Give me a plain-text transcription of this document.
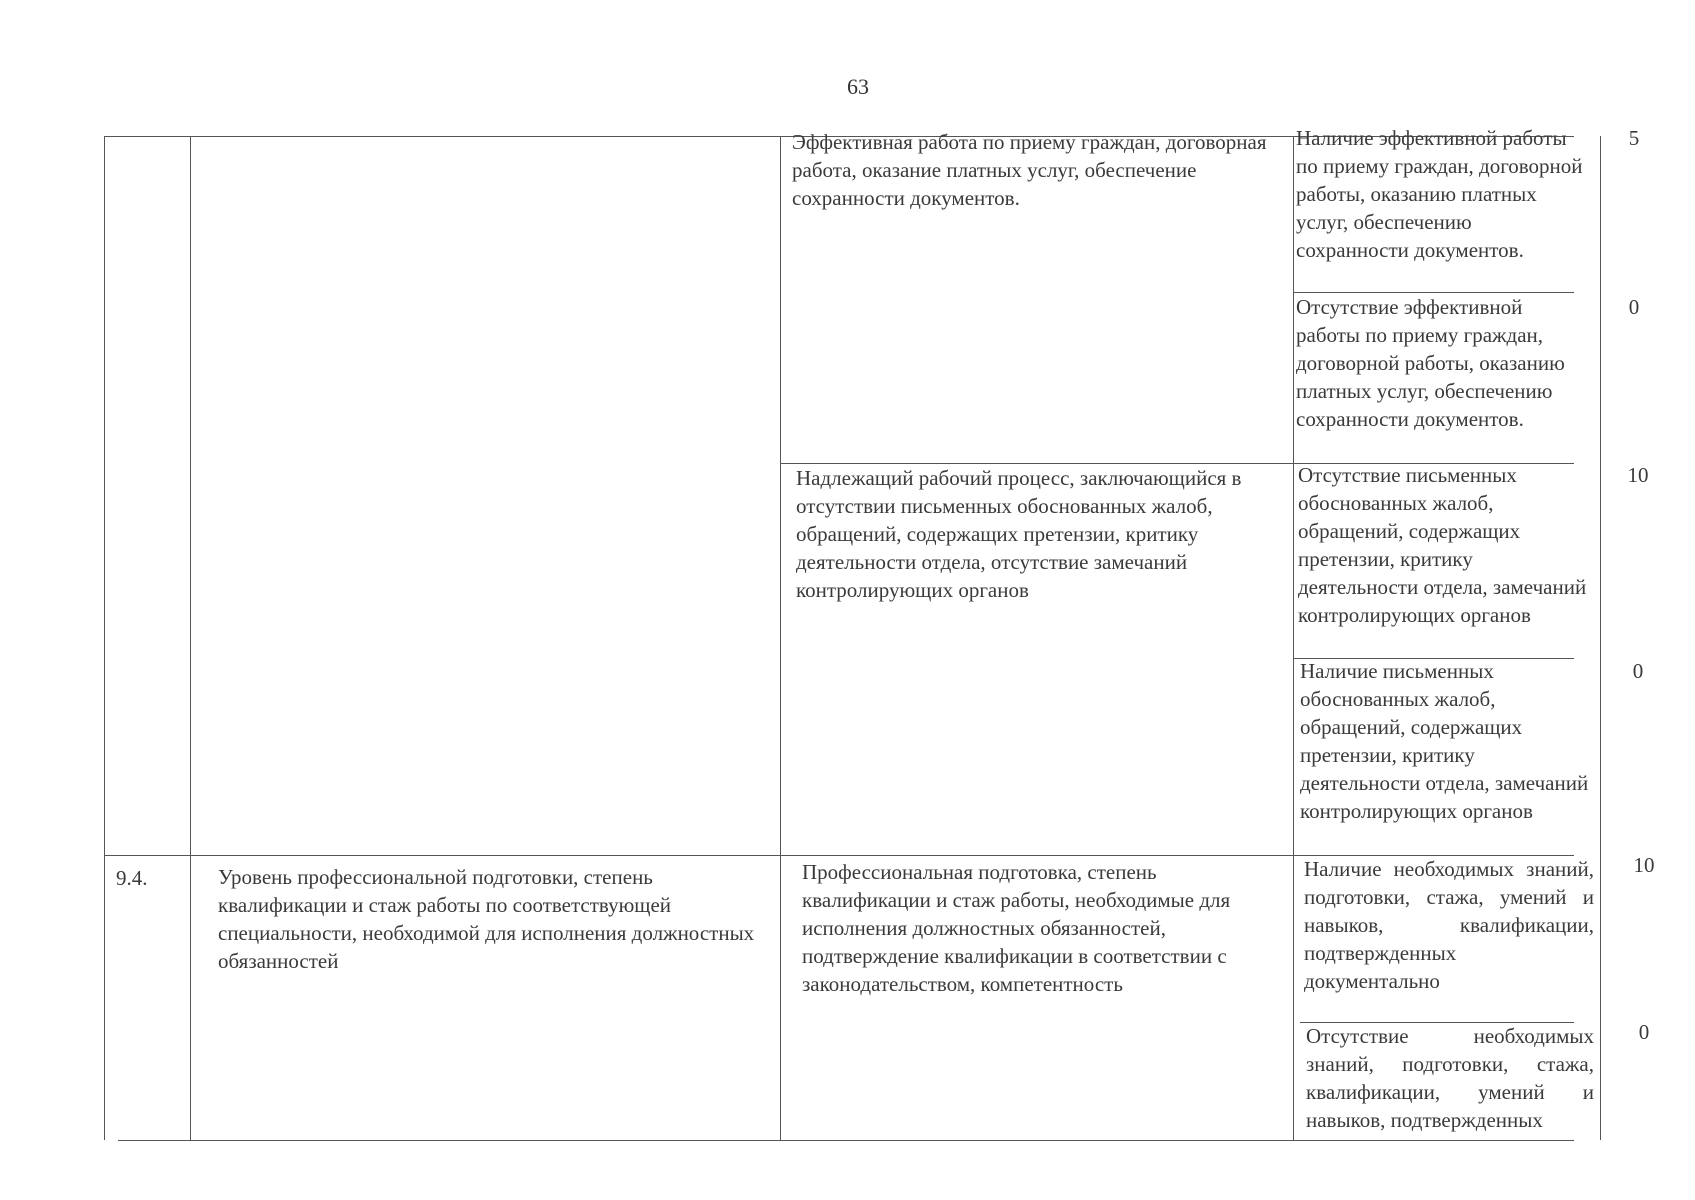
63
Эффективная работа по приему граждан, договорная работа, оказание платных услуг, обеспечение сохранности документов.
Наличие эффективной работы по приему граждан, договорной работы, оказанию платных услуг, обеспечению сохранности документов.
5
Отсутствие эффективной работы по приему граждан, договорной работы, оказанию платных услуг, обеспечению сохранности документов.
0
Надлежащий рабочий процесс, заключающийся в отсутствии письменных обоснованных жалоб, обращений, содержащих претензии, критику деятельности отдела, отсутствие замечаний контролирующих органов
Отсутствие письменных обоснованных жалоб, обращений, содержащих претензии, критику деятельности отдела, замечаний контролирующих органов
10
Наличие письменных обоснованных жалоб, обращений, содержащих претензии, критику деятельности отдела, замечаний контролирующих органов
0
9.4.	Уровень профессиональной подготовки, степень квалификации и стаж работы по соответствующей специальности, необходимой для исполнения должностных обязанностей
Профессиональная подготовка, степень квалификации и стаж работы, необходимые для исполнения должностных обязанностей, подтверждение квалификации в соответствии с законодательством, компетентность
Наличие необходимых знаний, подготовки, стажа, умений и навыков, квалификации, подтвержденных документально
10
Отсутствие необходимых знаний, подготовки, стажа, квалификации, умений и навыков, подтвержденных
0
